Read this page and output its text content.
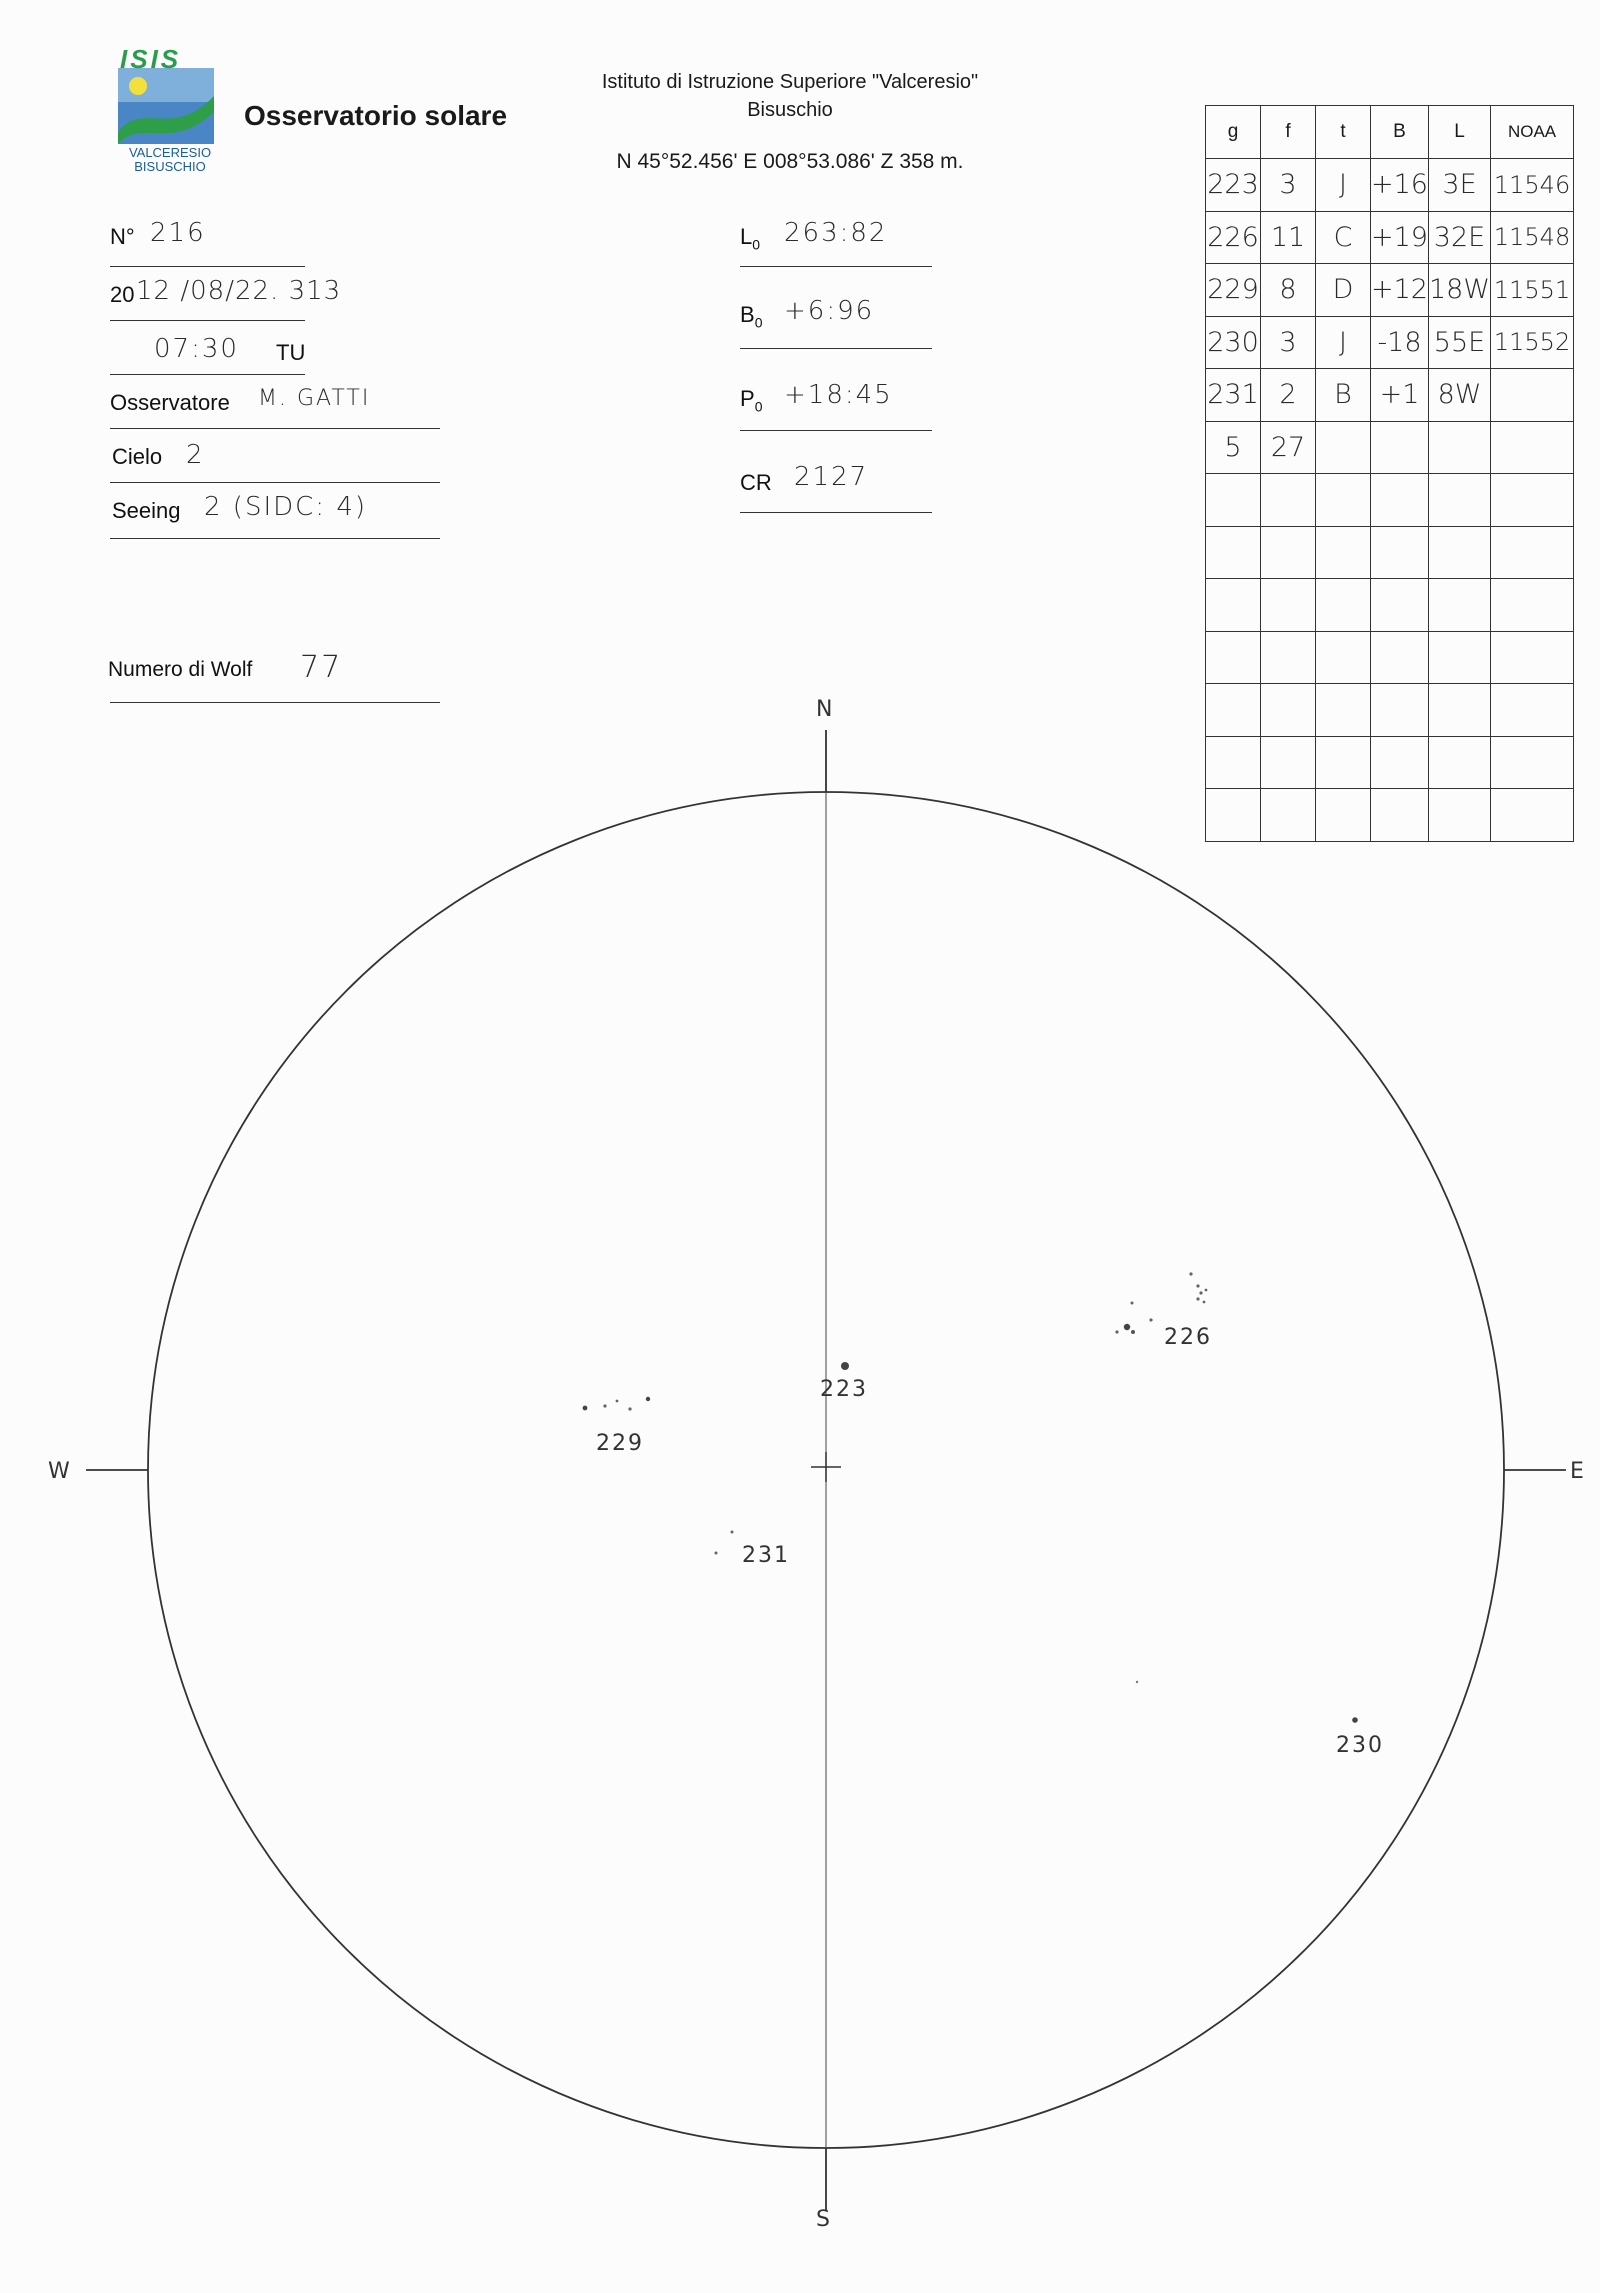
ISIS
VALCERESIO BISUSCHIO
Osservatorio solare
Istituto di Istruzione Superiore "Valceresio"
Bisuschio
N 45°52.456' E 008°53.086' Z 358 m.
N° 216
20 12 /08/22. 313
07:30 TU
Osservatore M. GATTI
Cielo 2
Seeing 2 (SIDC: 4)
Numero di Wolf 77
$L_0$ 263:82
$B_0$ +6:96
$P_0$ +18:45
CR 2127
g	f	t	B	L	NOAA
223	3	J	+16	3E	11546
226	11	C	+19	32E	11548
229	8	D	+12	18W	11551
230	3	J	-18	55E	11552
231	2	B	+1	8W	
5	27				

N
S
W	E
223
226
229
230
231
